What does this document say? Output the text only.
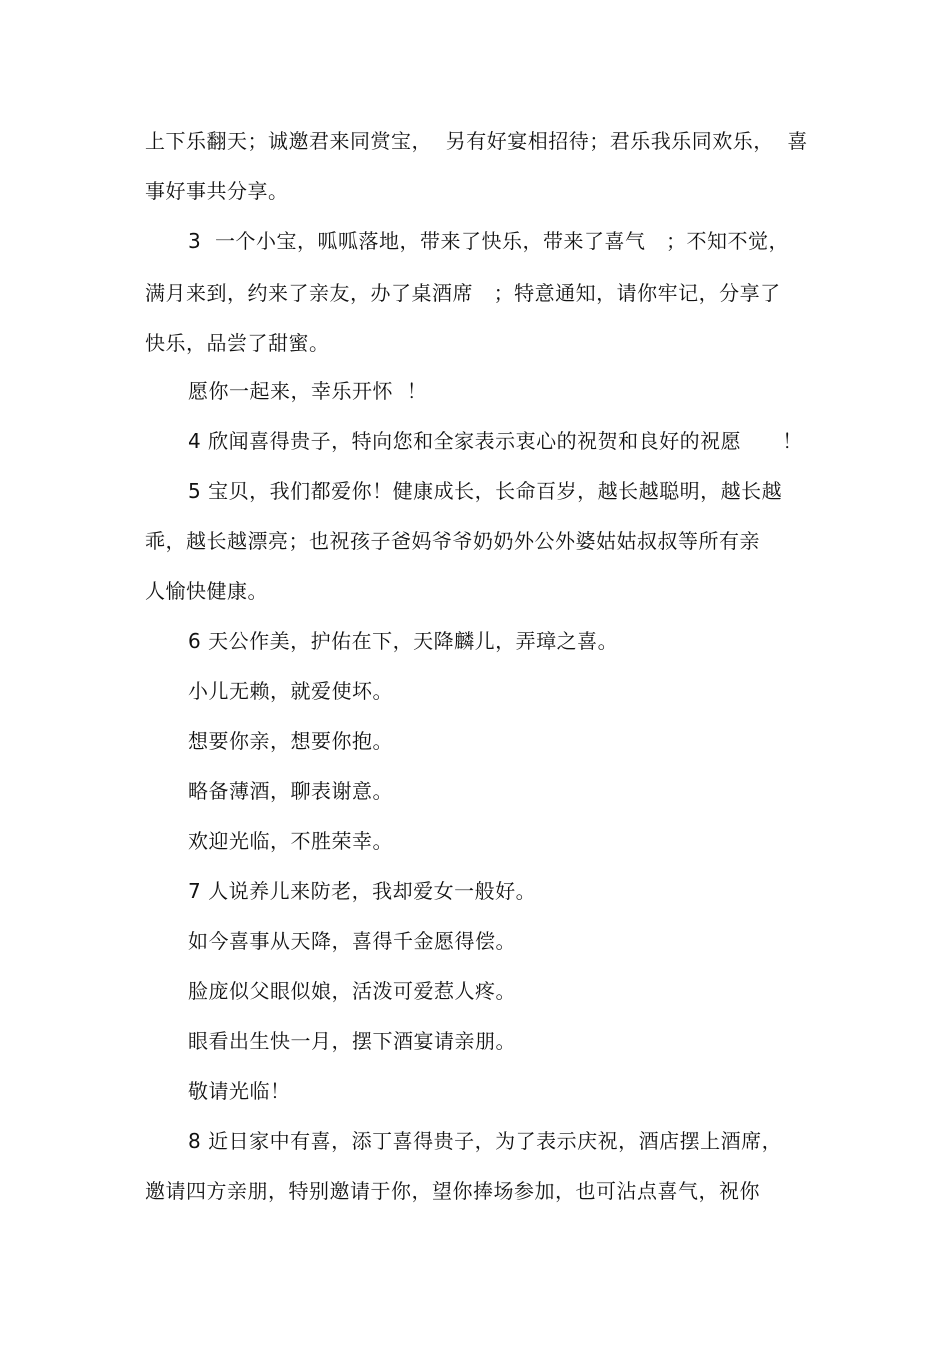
上下乐翻天；诚邀君来同赏宝，  另有好宴相招待；君乐我乐同欢乐，  喜
事好事共分享。
3  一个小宝，呱呱落地，带来了快乐，带来了喜气   ；不知不觉，
满月来到，约来了亲友，办了桌酒席   ；特意通知，请你牢记，分享了
快乐，品尝了甜蜜。
愿你一起来，幸乐开怀  ！
4 欣闻喜得贵子，特向您和全家表示衷心的祝贺和良好的祝愿      ！
5 宝贝，我们都爱你！健康成长，长命百岁，越长越聪明，越长越
乖，越长越漂亮；也祝孩子爸妈爷爷奶奶外公外婆姑姑叔叔等所有亲
人愉快健康。
6 天公作美，护佑在下，天降麟儿，弄璋之喜。
小儿无赖，就爱使坏。
想要你亲，想要你抱。
略备薄酒，聊表谢意。
欢迎光临，不胜荣幸。
7 人说养儿来防老，我却爱女一般好。
如今喜事从天降，喜得千金愿得偿。
脸庞似父眼似娘，活泼可爱惹人疼。
眼看出生快一月，摆下酒宴请亲朋。
敬请光临！
8 近日家中有喜，添丁喜得贵子，为了表示庆祝，酒店摆上酒席，
邀请四方亲朋，特别邀请于你，望你捧场参加，也可沾点喜气，祝你
